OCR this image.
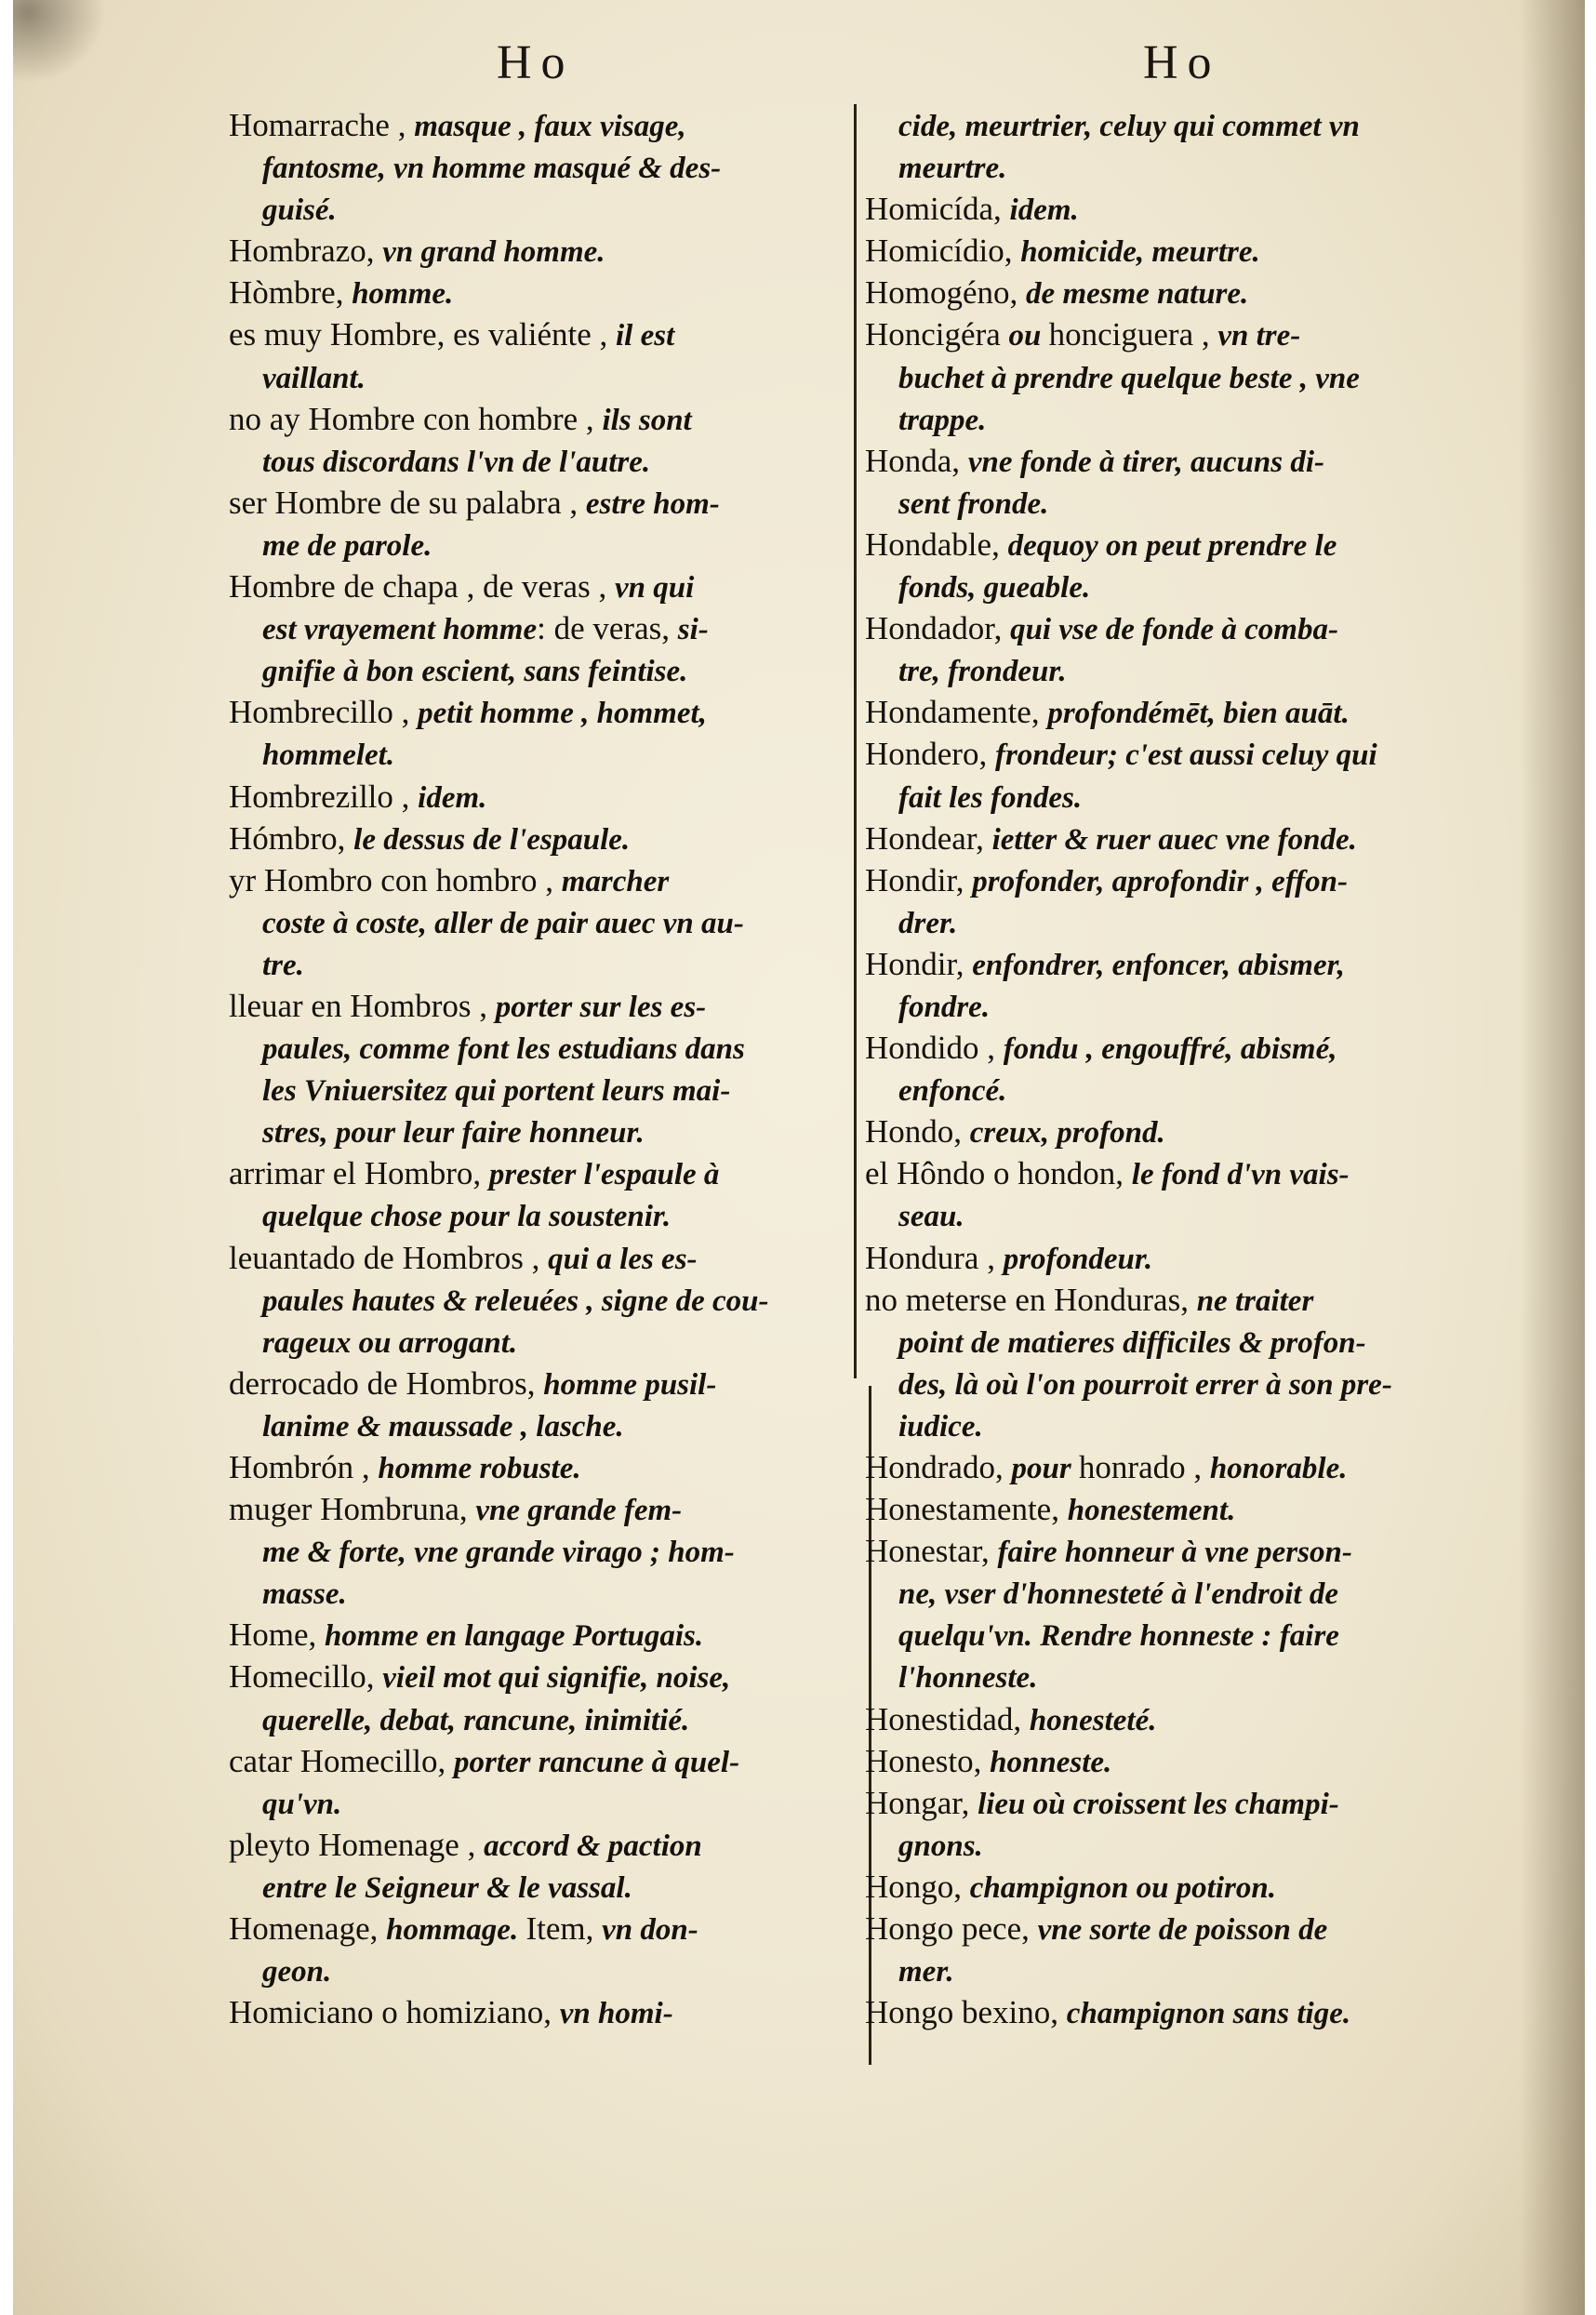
Ho	Ho
Homarrache , masque , faux visage,
fantosme, vn homme masqué & des-
guisé.
Hombrazo, vn grand homme.
Hòmbre, homme.
es muy Hombre, es valiénte , il est
vaillant.
no ay Hombre con hombre , ils sont
tous discordans l'vn de l'autre.
ser Hombre de su palabra , estre hom-
me de parole.
Hombre de chapa , de veras , vn qui
est vrayement homme: de veras, si-
gnifie à bon escient, sans feintise.
Hombrecillo , petit homme , hommet,
hommelet.
Hombrezillo , idem.
Hómbro, le dessus de l'espaule.
yr Hombro con hombro , marcher
coste à coste, aller de pair auec vn au-
tre.
lleuar en Hombros , porter sur les es-
paules, comme font les estudians dans
les Vniuersitez qui portent leurs mai-
stres, pour leur faire honneur.
arrimar el Hombro, prester l'espaule à
quelque chose pour la soustenir.
leuantado de Hombros , qui a les es-
paules hautes & releuées , signe de cou-
rageux ou arrogant.
derrocado de Hombros, homme pusil-
lanime & maussade , lasche.
Hombrón , homme robuste.
muger Hombruna, vne grande fem-
me & forte, vne grande virago ; hom-
masse.
Home, homme en langage Portugais.
Homecillo, vieil mot qui signifie, noise,
querelle, debat, rancune, inimitié.
catar Homecillo, porter rancune à quel-
qu'vn.
pleyto Homenage , accord & paction
entre le Seigneur & le vassal.
Homenage, hommage. Item, vn don-
geon.
Homiciano o homiziano, vn homi-
cide, meurtrier, celuy qui commet vn
meurtre.
Homicída, idem.
Homicídio, homicide, meurtre.
Homogéno, de mesme nature.
Honcigéra ou honciguera , vn tre-
buchet à prendre quelque beste , vne
trappe.
Honda, vne fonde à tirer, aucuns di-
sent fronde.
Hondable, dequoy on peut prendre le
fonds, gueable.
Hondador, qui vse de fonde à comba-
tre, frondeur.
Hondamente, profondémēt, bien auāt.
Hondero, frondeur; c'est aussi celuy qui
fait les fondes.
Hondear, ietter & ruer auec vne fonde.
Hondir, profonder, aprofondir , effon-
drer.
Hondir, enfondrer, enfoncer, abismer,
fondre.
Hondido , fondu , engouffré, abismé,
enfoncé.
Hondo, creux, profond.
el Hôndo o hondon, le fond d'vn vais-
seau.
Hondura , profondeur.
no meterse en Honduras, ne traiter
point de matieres difficiles & profon-
des, là où l'on pourroit errer à son pre-
iudice.
Hondrado, pour honrado , honorable.
Honestamente, honestement.
Honestar, faire honneur à vne person-
ne, vser d'honnesteté à l'endroit de
quelqu'vn. Rendre honneste : faire
l'honneste.
Honestidad, honesteté.
Honesto, honneste.
Hongar, lieu où croissent les champi-
gnons.
Hongo, champignon ou potiron.
Hongo pece, vne sorte de poisson de
mer.
Hongo bexino, champignon sans tige.
